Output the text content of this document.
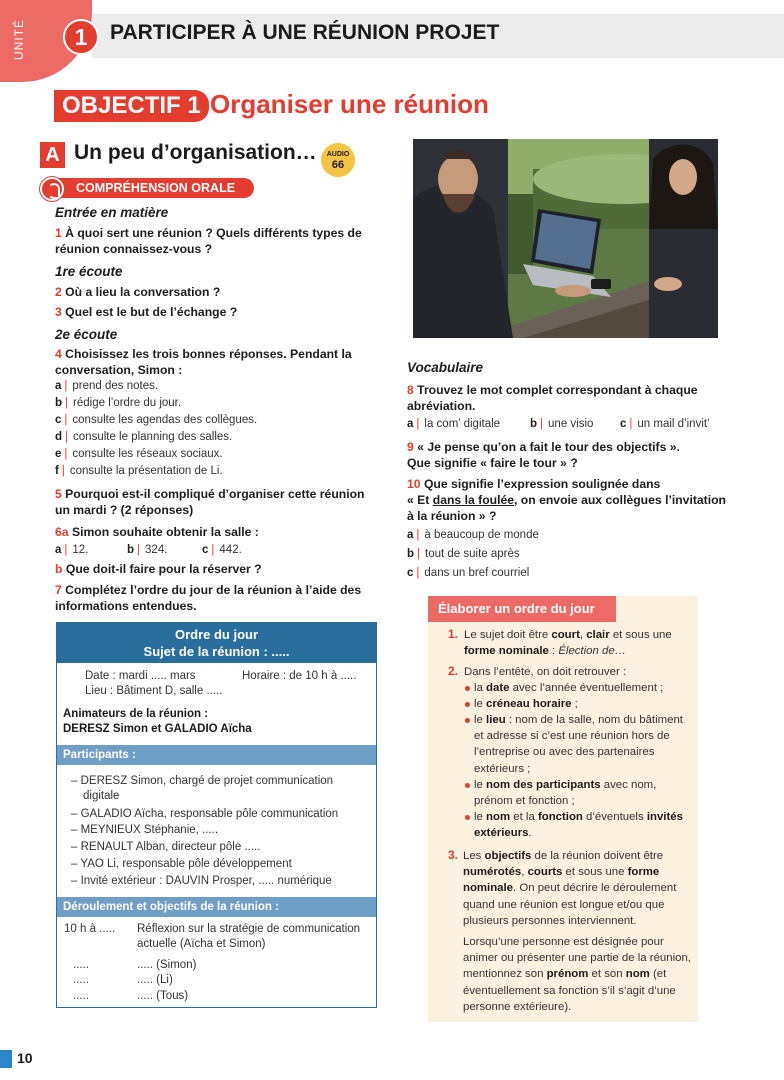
UNITÉ	1	PARTICIPER À UNE RÉUNION PROJET
OBJECTIF 1 Organiser une réunion
A Un peu d’organisation…	AUDIO
66
COMPRÉHENSION ORALE
Entrée en matière
1 À quoi sert une réunion ? Quels différents types de
réunion connaissez-vous ?
1re écoute
2 Où a lieu la conversation ?
3 Quel est le but de l’échange ?
2e écoute
4 Choisissez les trois bonnes réponses. Pendant la
conversation, Simon :
a | prend des notes.
b | rédige l’ordre du jour.
c | consulte les agendas des collègues.
d | consulte le planning des salles.
e | consulte les réseaux sociaux.
f | consulte la présentation de Li.
5 Pourquoi est-il compliqué d’organiser cette réunion
un mardi ? (2 réponses)
6a Simon souhaite obtenir la salle :
a | 12.	b | 324.	c | 442.
b Que doit-il faire pour la réserver ?
7 Complétez l’ordre du jour de la réunion à l’aide des
informations entendues.
Ordre du jour
Sujet de la réunion : .....
Date : mardi ..... mars	Horaire : de 10 h à .....
Lieu : Bâtiment D, salle .....
Animateurs de la réunion :
DERESZ Simon et GALADIO Aïcha
Participants :
– DERESZ Simon, chargé de projet communication
digitale
– GALADIO Aïcha, responsable pôle communication
– MEYNIEUX Stéphanie, .....
– RENAULT Alban, directeur pôle .....
– YAO Li, responsable pôle développement
– Invité extérieur : DAUVIN Prosper, ..... numérique
Déroulement et objectifs de la réunion :
10 h à ..... Réflexion sur la stratégie de communication
actuelle (Aïcha et Simon)
.....	..... (Simon)
.....	..... (Li)
.....	..... (Tous)
Vocabulaire
8 Trouvez le mot complet correspondant à chaque
abréviation.
a | la com’ digitale	b | une visio c | un mail d’invit’
9 « Je pense qu’on a fait le tour des objectifs ».
Que signifie « faire le tour » ?
10 Que signifie l’expression soulignée dans
« Et dans la foulée, on envoie aux collègues l’invitation
à la réunion » ?
a | à beaucoup de monde
b | tout de suite après
c | dans un bref courriel
Élaborer un ordre du jour
1. Le sujet doit être court, clair et sous une forme nominale : Élection de…
2. Dans l’entête, on doit retrouver :
la date avec l’année éventuellement ;
le créneau horaire ;
le lieu : nom de la salle, nom du bâtiment et adresse si c’est une réunion hors de l’entreprise ou avec des partenaires extérieurs ;
le nom des participants avec nom, prénom et fonction ;
le nom et la fonction d’éventuels invités extérieurs.
3. Les objectifs de la réunion doivent être numérotés, courts et sous une forme nominale. On peut décrire le déroulement quand une réunion est longue et/ou que plusieurs personnes interviennent.
Lorsqu’une personne est désignée pour animer ou présenter une partie de la réunion, mentionnez son prénom et son nom (et éventuellement sa fonction s’il s’agit d’une personne extérieure).
10
